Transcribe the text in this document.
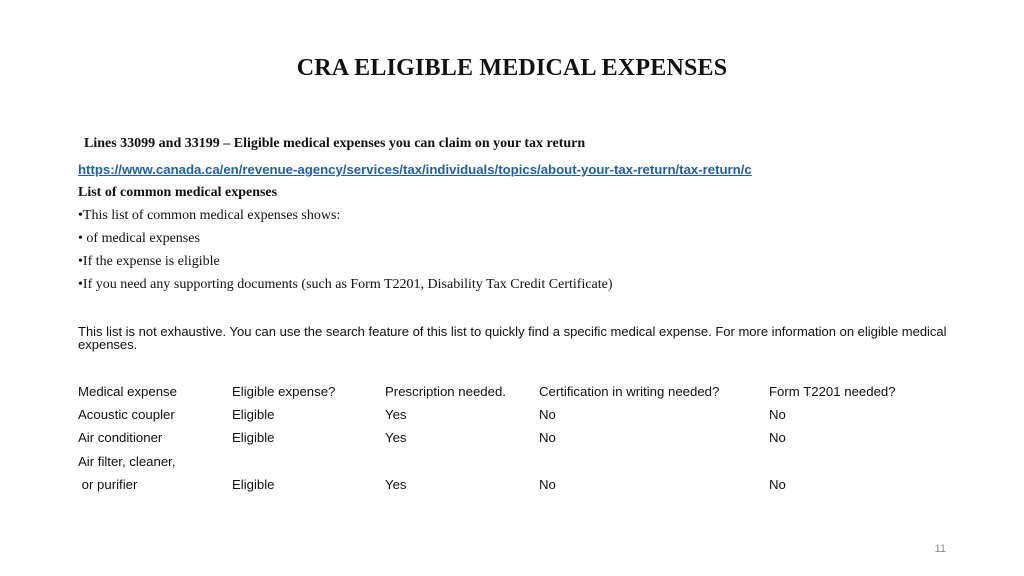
CRA ELIGIBLE MEDICAL EXPENSES
Lines 33099 and 33199 – Eligible medical expenses you can claim on your tax return
https://www.canada.ca/en/revenue-agency/services/tax/individuals/topics/about-your-tax-return/tax-return/c
List of common medical expenses
•This list of common medical expenses shows:
• of medical expenses
•If the expense is eligible
•If you need any supporting documents (such as Form T2201, Disability Tax Credit Certificate)
This list is not exhaustive. You can use the search feature of this list to quickly find a specific medical expense. For more information on eligible medical expenses.
Medical expense	Eligible expense?	Prescription needed.	Certification in writing needed?	Form T2201 needed?
Acoustic coupler	Eligible	Yes	No	No
Air conditioner	Eligible	Yes	No	No
Air filter, cleaner,				
or purifier	Eligible	Yes	No	No
11
